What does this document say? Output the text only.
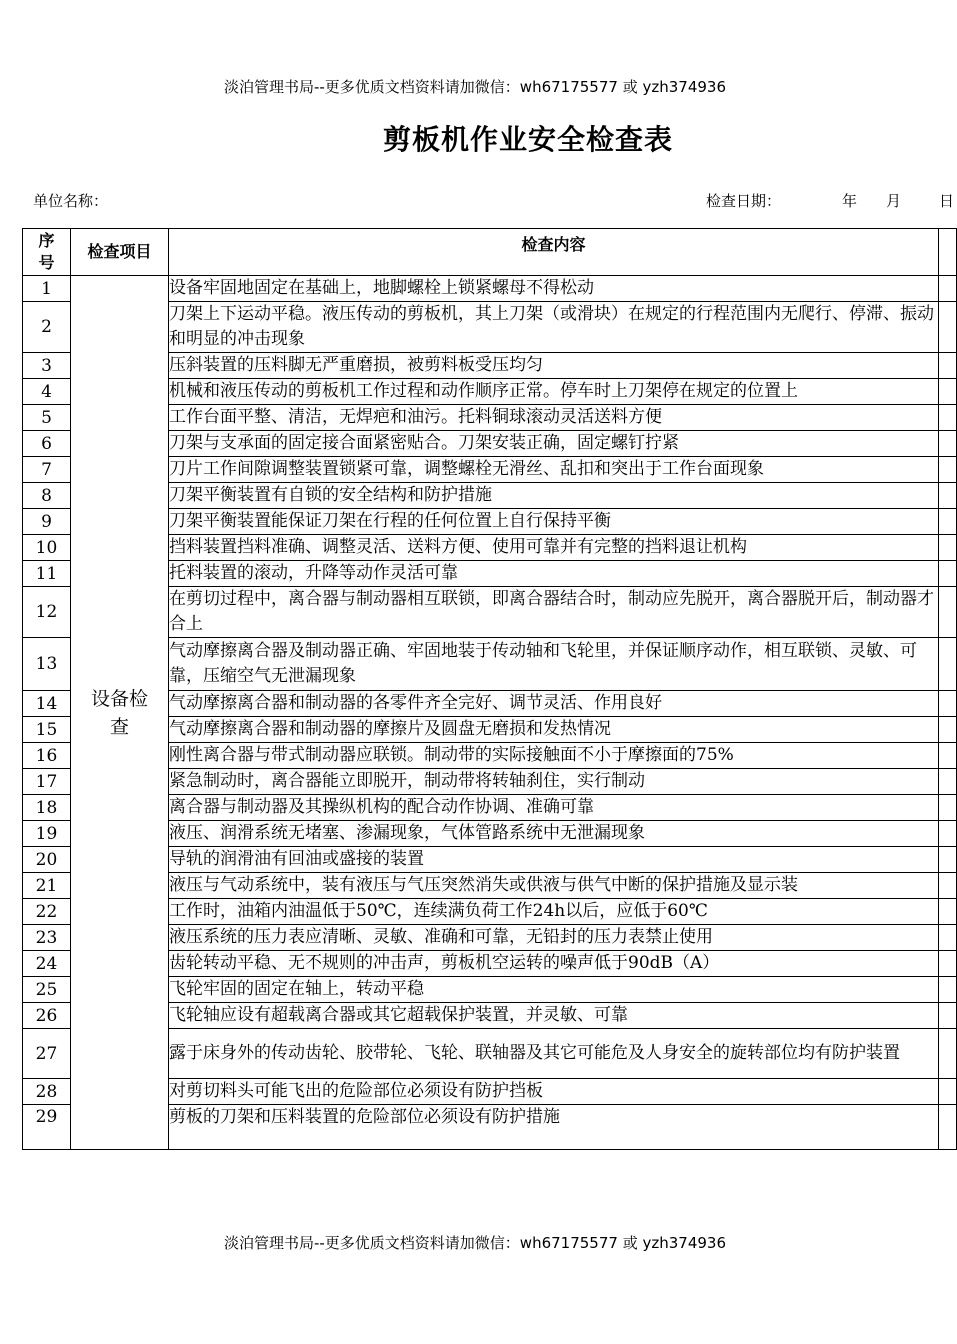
淡泊管理书局--更多优质文档资料请加微信：wh67175577 或 yzh374936
剪板机作业安全检查表
单位名称：	检查日期：	年 月	日
序号	检查项目	检查内容	
1	设备检查	设备牢固地固定在基础上，地脚螺栓上锁紧螺母不得松动	
2		刀架上下运动平稳。液压传动的剪板机，其上刀架（或滑块）在规定的行程范围内无爬行、停滞、振动和明显的冲击现象	
3		压斜装置的压料脚无严重磨损，被剪料板受压均匀	
4		机械和液压传动的剪板机工作过程和动作顺序正常。停车时上刀架停在规定的位置上	
5		工作台面平整、清洁，无焊疤和油污。托料铜球滚动灵活送料方便	
6		刀架与支承面的固定接合面紧密贴合。刀架安装正确，固定螺钉拧紧	
7		刀片工作间隙调整装置锁紧可靠，调整螺栓无滑丝、乱扣和突出于工作台面现象	
8		刀架平衡装置有自锁的安全结构和防护措施	
9		刀架平衡装置能保证刀架在行程的任何位置上自行保持平衡	
10		挡料装置挡料准确、调整灵活、送料方便、使用可靠并有完整的挡料退让机构	
11		托料装置的滚动，升降等动作灵活可靠	
12		在剪切过程中，离合器与制动器相互联锁，即离合器结合时，制动应先脱开，离合器脱开后，制动器才合上	
13		气动摩擦离合器及制动器正确、牢固地装于传动轴和飞轮里，并保证顺序动作，相互联锁、灵敏、可靠，压缩空气无泄漏现象	
14		气动摩擦离合器和制动器的各零件齐全完好、调节灵活、作用良好	
15		气动摩擦离合器和制动器的摩擦片及圆盘无磨损和发热情况	
16		刚性离合器与带式制动器应联锁。制动带的实际接触面不小于摩擦面的75%	
17		紧急制动时，离合器能立即脱开，制动带将转轴刹住，实行制动	
18		离合器与制动器及其操纵机构的配合动作协调、准确可靠	
19		液压、润滑系统无堵塞、渗漏现象，气体管路系统中无泄漏现象	
20		导轨的润滑油有回油或盛接的装置	
21		液压与气动系统中，装有液压与气压突然消失或供液与供气中断的保护措施及显示装	
22		工作时，油箱内油温低于50℃，连续满负荷工作24h以后，应低于60℃	
23		液压系统的压力表应清晰、灵敏、准确和可靠，无铅封的压力表禁止使用	
24		齿轮转动平稳、无不规则的冲击声，剪板机空运转的噪声低于90dB（A）	
25		飞轮牢固的固定在轴上，转动平稳	
26		飞轮轴应设有超载离合器或其它超载保护装置，并灵敏、可靠	
27		露于床身外的传动齿轮、胶带轮、飞轮、联轴器及其它可能危及人身安全的旋转部位均有防护装置	
28		对剪切料头可能飞出的危险部位必须设有防护挡板	
29		剪板的刀架和压料装置的危险部位必须设有防护措施	
淡泊管理书局--更多优质文档资料请加微信：wh67175577 或 yzh374936
